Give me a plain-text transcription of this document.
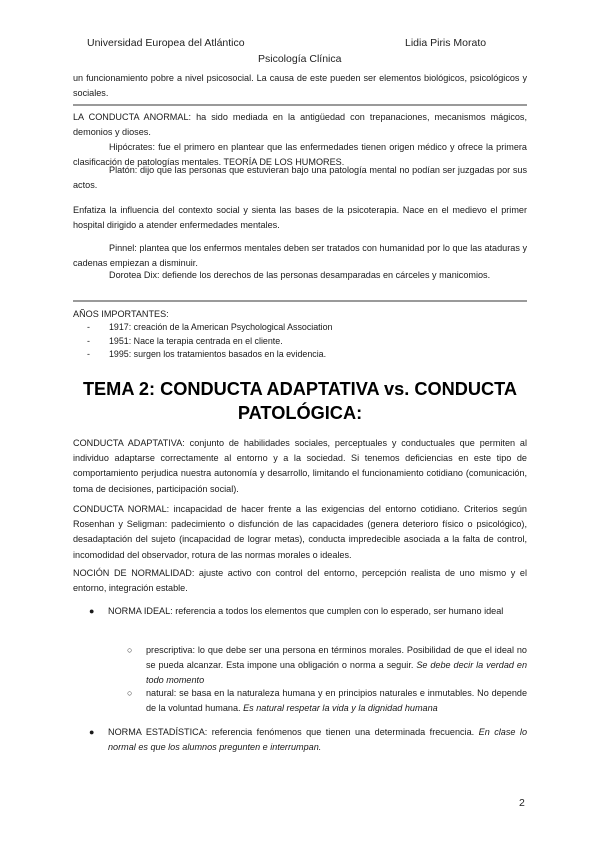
Universidad Europea del Atlántico	Lidia Piris Morato
Psicología Clínica
un funcionamiento pobre a nivel psicosocial. La causa de este pueden ser elementos biológicos, psicológicos y sociales.
LA CONDUCTA ANORMAL: ha sido mediada en la antigüedad con trepanaciones, mecanismos mágicos, demonios y dioses.
Hipócrates: fue el primero en plantear que las enfermedades tienen origen médico y ofrece la primera clasificación de patologías mentales. TEORÍA DE LOS HUMORES.
Platón: dijo que las personas que estuvieran bajo una patología mental no podían ser juzgadas por sus actos.
Enfatiza la influencia del contexto social y sienta las bases de la psicoterapia. Nace en el medievo el primer hospital dirigido a atender enfermedades mentales.
Pinnel: plantea que los enfermos mentales deben ser tratados con humanidad por lo que las ataduras y cadenas empiezan a disminuir.
Dorotea Dix: defiende los derechos de las personas desamparadas en cárceles y manicomios.
AÑOS IMPORTANTES:
- 1917: creación de la American Psychological Association
- 1951: Nace la terapia centrada en el cliente.
- 1995: surgen los tratamientos basados en la evidencia.
TEMA 2: CONDUCTA ADAPTATIVA vs. CONDUCTA PATOLÓGICA:
CONDUCTA ADAPTATIVA: conjunto de habilidades sociales, perceptuales y conductuales que permiten al individuo adaptarse correctamente al entorno y a la sociedad. Si tenemos deficiencias en este tipo de comportamiento perjudica nuestra autonomía y desarrollo, limitando el funcionamiento cotidiano (comunicación, toma de decisiones, participación social).
CONDUCTA NORMAL: incapacidad de hacer frente a las exigencias del entorno cotidiano. Criterios según Rosenhan y Seligman: padecimiento o disfunción de las capacidades (genera deterioro físico o psicológico), desadaptación del sujeto (incapacidad de lograr metas), conducta impredecible asociada a la falta de control, incomodidad del observador, rotura de las normas morales o ideales.
NOCIÓN DE NORMALIDAD: ajuste activo con control del entorno, percepción realista de uno mismo y el entorno, integración estable.
● NORMA IDEAL: referencia a todos los elementos que cumplen con lo esperado, ser humano ideal
○ prescriptiva: lo que debe ser una persona en términos morales. Posibilidad de que el ideal no se pueda alcanzar. Esta impone una obligación o norma a seguir. Se debe decir la verdad en todo momento
○ natural: se basa en la naturaleza humana y en principios naturales e inmutables. No depende de la voluntad humana. Es natural respetar la vida y la dignidad humana
● NORMA ESTADÍSTICA: referencia fenómenos que tienen una determinada frecuencia. En clase lo normal es que los alumnos pregunten e interrumpan.
2
